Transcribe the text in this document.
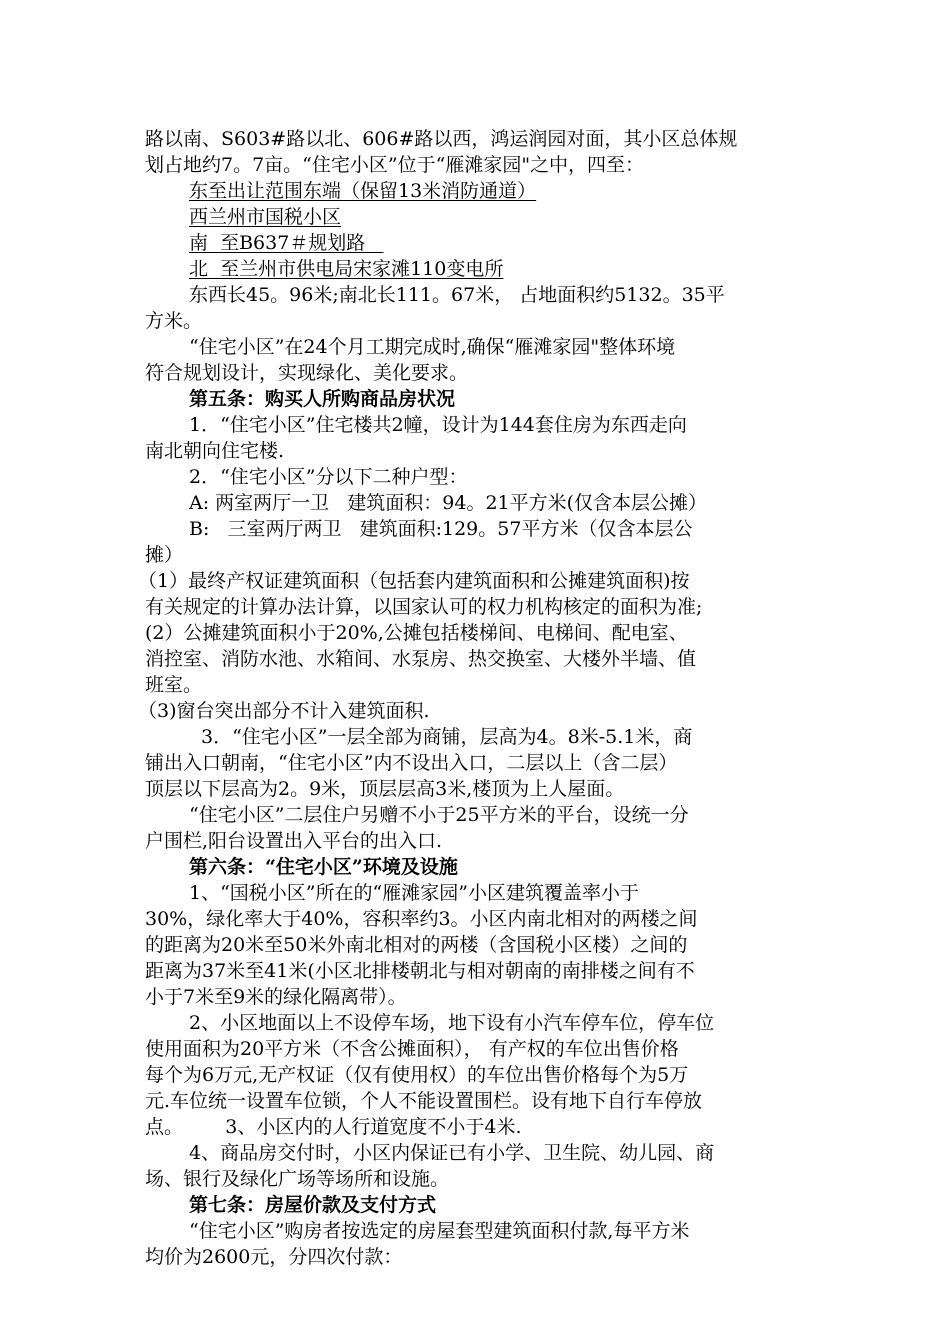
路以南、S603#路以北、606#路以西，鸿运润园对面，其小区总体规
划占地约7。7亩。“住宅小区”位于“雁滩家园"之中，四至：
东至出让范围东端（保留13米消防通道）
西兰州市国税小区
南  至B637＃规划路
北  至兰州市供电局宋家滩110变电所
东西长45。96米;南北长111。67米， 占地面积约5132。35平
方米。
“住宅小区”在24个月工期完成时,确保“雁滩家园"整体环境
符合规划设计，实现绿化、美化要求。
第五条：购买人所购商品房状况
1．“住宅小区”住宅楼共2幢，设计为144套住房为东西走向
南北朝向住宅楼.
2．“住宅小区”分以下二种户型：
A: 两室两厅一卫   建筑面积：94。21平方米(仅含本层公摊）
B:   三室两厅两卫   建筑面积:129。57平方米（仅含本层公
摊）
（1）最终产权证建筑面积（包括套内建筑面积和公摊建筑面积)按
有关规定的计算办法计算，以国家认可的权力机构核定的面积为准;
(2）公摊建筑面积小于20%,公摊包括楼梯间、电梯间、配电室、
消控室、消防水池、水箱间、水泵房、热交换室、大楼外半墙、值
班室。
（3)窗台突出部分不计入建筑面积.
3．“住宅小区”一层全部为商铺，层高为4。8米-5.1米，商
铺出入口朝南，“住宅小区”内不设出入口，二层以上（含二层）
顶层以下层高为2。9米，顶层层高3米,楼顶为上人屋面。
“住宅小区”二层住户另赠不小于25平方米的平台，设统一分
户围栏,阳台设置出入平台的出入口.
第六条：“住宅小区”环境及设施
1、“国税小区”所在的“雁滩家园”小区建筑覆盖率小于
30%，绿化率大于40%，容积率约3。小区内南北相对的两楼之间
的距离为20米至50米外南北相对的两楼（含国税小区楼）之间的
距离为37米至41米(小区北排楼朝北与相对朝南的南排楼之间有不
小于7米至9米的绿化隔离带）。
2、小区地面以上不设停车场，地下设有小汽车停车位，停车位
使用面积为20平方米（不含公摊面积）， 有产权的车位出售价格
每个为6万元,无产权证（仅有使用权）的车位出售价格每个为5万
元.车位统一设置车位锁，个人不能设置围栏。设有地下自行车停放
点。       3、小区内的人行道宽度不小于4米.
4、商品房交付时，小区内保证已有小学、卫生院、幼儿园、商
场、银行及绿化广场等场所和设施。
第七条：房屋价款及支付方式
“住宅小区”购房者按选定的房屋套型建筑面积付款,每平方米
均价为2600元，分四次付款：
